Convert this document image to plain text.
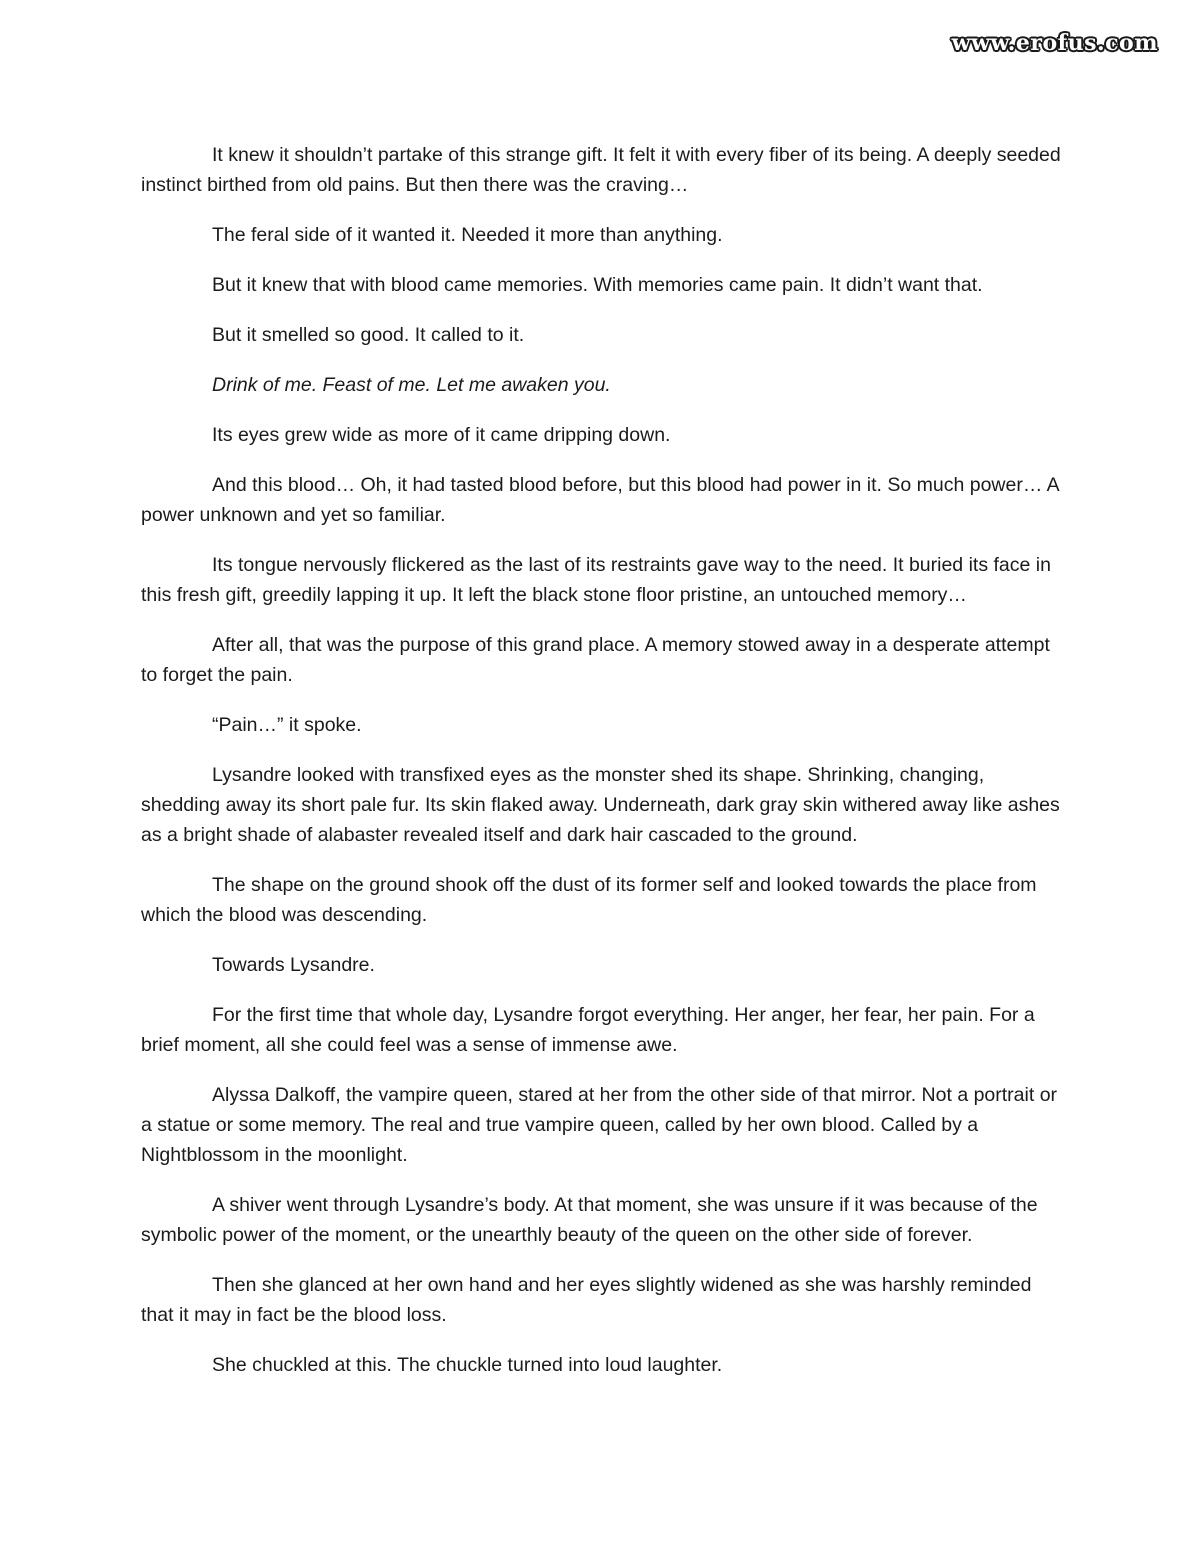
www.erofus.com

It knew it shouldn’t partake of this strange gift. It felt it with every fiber of its being. A deeply seeded instinct birthed from old pains. But then there was the craving…

The feral side of it wanted it. Needed it more than anything.

But it knew that with blood came memories. With memories came pain. It didn’t want that.

But it smelled so good. It called to it.

Drink of me. Feast of me. Let me awaken you.

Its eyes grew wide as more of it came dripping down.

And this blood… Oh, it had tasted blood before, but this blood had power in it. So much power… A power unknown and yet so familiar.

Its tongue nervously flickered as the last of its restraints gave way to the need. It buried its face in this fresh gift, greedily lapping it up. It left the black stone floor pristine, an untouched memory…

After all, that was the purpose of this grand place. A memory stowed away in a desperate attempt to forget the pain.

“Pain…” it spoke.

Lysandre looked with transfixed eyes as the monster shed its shape. Shrinking, changing, shedding away its short pale fur. Its skin flaked away. Underneath, dark gray skin withered away like ashes as a bright shade of alabaster revealed itself and dark hair cascaded to the ground.

The shape on the ground shook off the dust of its former self and looked towards the place from which the blood was descending.

Towards Lysandre.

For the first time that whole day, Lysandre forgot everything. Her anger, her fear, her pain. For a brief moment, all she could feel was a sense of immense awe.

Alyssa Dalkoff, the vampire queen, stared at her from the other side of that mirror. Not a portrait or a statue or some memory. The real and true vampire queen, called by her own blood. Called by a Nightblossom in the moonlight.

A shiver went through Lysandre’s body. At that moment, she was unsure if it was because of the symbolic power of the moment, or the unearthly beauty of the queen on the other side of forever.

Then she glanced at her own hand and her eyes slightly widened as she was harshly reminded that it may in fact be the blood loss.

She chuckled at this. The chuckle turned into loud laughter.
